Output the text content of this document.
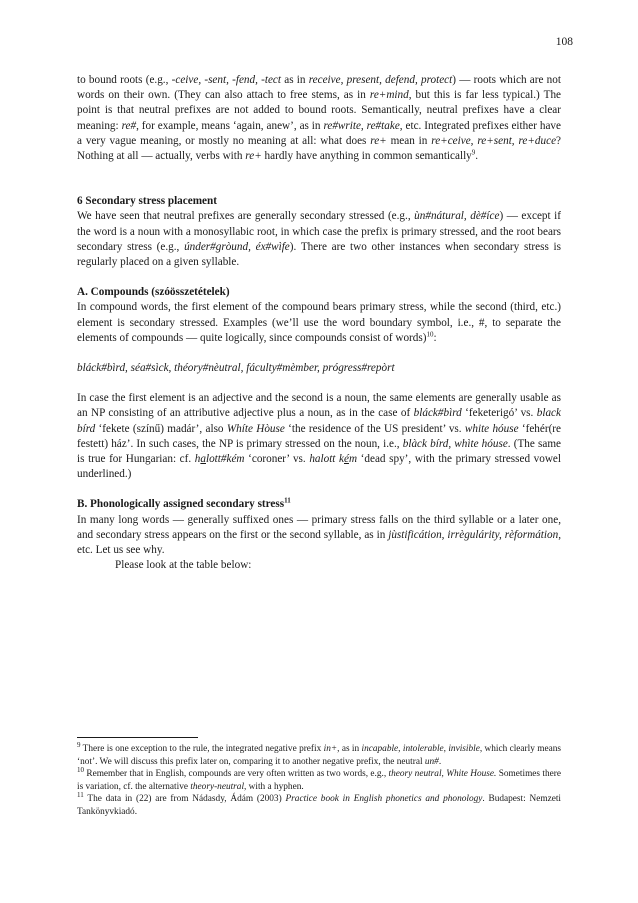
108

to bound roots (e.g., -ceive, -sent, -fend, -tect as in receive, present, defend, protect) — roots which are not words on their own. (They can also attach to free stems, as in re+mind, but this is far less typical.) The point is that neutral prefixes are not added to bound roots. Semantically, neutral prefixes have a clear meaning: re#, for example, means ‘again, anew’, as in re#write, re#take, etc. Integrated prefixes either have a very vague meaning, or mostly no meaning at all: what does re+ mean in re+ceive, re+sent, re+duce? Nothing at all — actually, verbs with re+ hardly have anything in common semantically$^9$.

6 Secondary stress placement

We have seen that neutral prefixes are generally secondary stressed (e.g., ùn#nátural, dè#íce) — except if the word is a noun with a monosyllabic root, in which case the prefix is primary stressed, and the root bears secondary stress (e.g., únder#gròund, éx#wìfe). There are two other instances when secondary stress is regularly placed on a given syllable.

A. Compounds (szóösszetételek)

In compound words, the first element of the compound bears primary stress, while the second (third, etc.) element is secondary stressed. Examples (we’ll use the word boundary symbol, i.e., #, to separate the elements of compounds — quite logically, since compounds consist of words)$^{10}$:

bláck#bìrd, séa#sìck, théory#nèutral, fáculty#mèmber, prógress#repòrt

In case the first element is an adjective and the second is a noun, the same elements are generally usable as an NP consisting of an attributive adjective plus a noun, as in the case of bláck#bìrd ‘feketerigó’ vs. black bírd ‘fekete (színű) madár’, also Whíte Hòuse ‘the residence of the US president’ vs. white hóuse ‘fehér(re festett) ház’. In such cases, the NP is primary stressed on the noun, i.e., blàck bírd, whìte hóuse. (The same is true for Hungarian: cf. halott#kém ‘coroner’ vs. halott kém ‘dead spy’, with the primary stressed vowel underlined.)

B. Phonologically assigned secondary stress$^{11}$

In many long words — generally suffixed ones — primary stress falls on the third syllable or a later one, and secondary stress appears on the first or the second syllable, as in jùstificátion, irrègulárity, rèformátion, etc. Let us see why.

Please look at the table below:

$^9$ There is one exception to the rule, the integrated negative prefix in+, as in incapable, intolerable, invisible, which clearly means ‘not’. We will discuss this prefix later on, comparing it to another negative prefix, the neutral un#.

$^{10}$ Remember that in English, compounds are very often written as two words, e.g., theory neutral, White House. Sometimes there is variation, cf. the alternative theory-neutral, with a hyphen.

$^{11}$ The data in (22) are from Nádasdy, Ádám (2003) Practice book in English phonetics and phonology. Budapest: Nemzeti Tankönyvkiadó.
